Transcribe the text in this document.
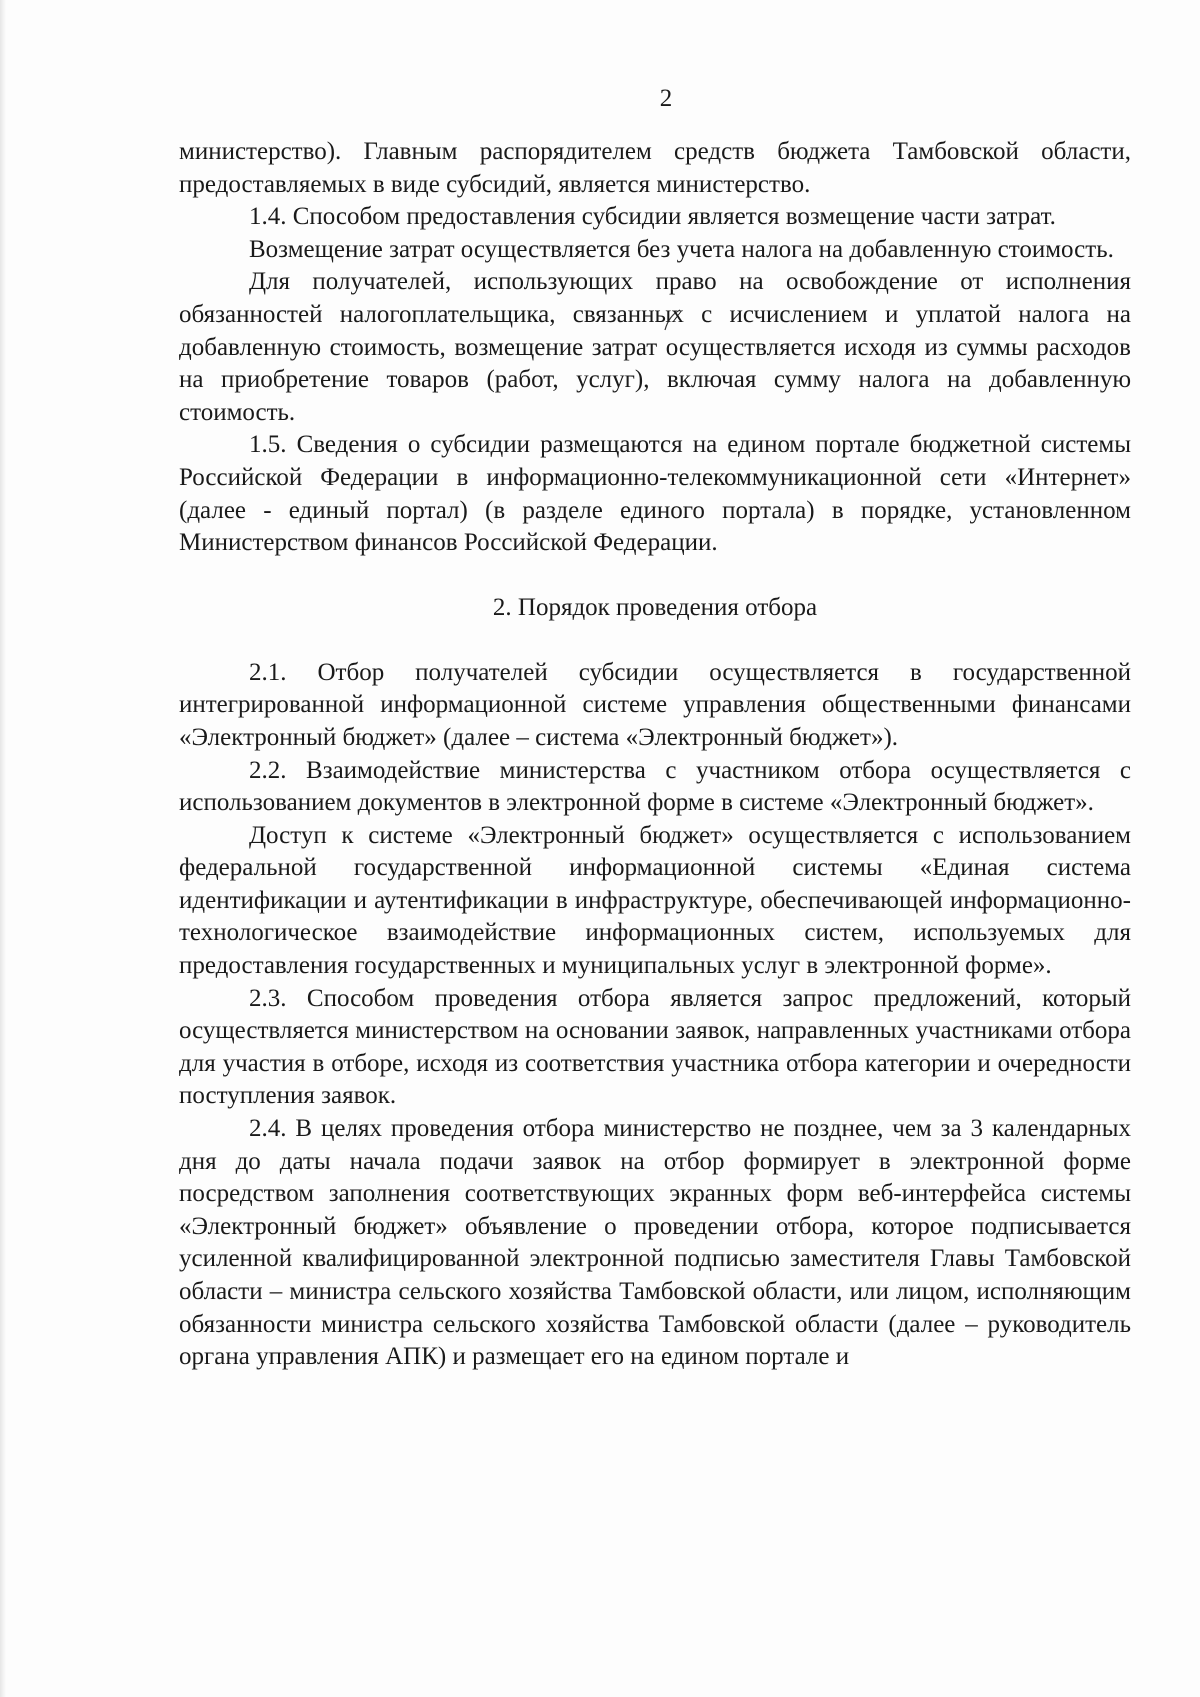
2

министерство). Главным распорядителем средств бюджета Тамбовской области, предоставляемых в виде субсидий, является министерство.

1.4. Способом предоставления субсидии является возмещение части затрат.

Возмещение затрат осуществляется без учета налога на добавленную стоимость.

Для получателей, использующих право на освобождение от исполнения обязанностей налогоплательщика, связанных с исчислением и уплатой налога на добавленную стоимость, возмещение затрат осуществляется исходя из суммы расходов на приобретение товаров (работ, услуг), включая сумму налога на добавленную стоимость.

1.5. Сведения о субсидии размещаются на едином портале бюджетной системы Российской Федерации в информационно-телекоммуникационной сети «Интернет» (далее - единый портал) (в разделе единого портала) в порядке, установленном Министерством финансов Российской Федерации.

2. Порядок проведения отбора

2.1. Отбор получателей субсидии осуществляется в государственной интегрированной информационной системе управления общественными финансами «Электронный бюджет» (далее – система «Электронный бюджет»).

2.2. Взаимодействие министерства с участником отбора осуществляется с использованием документов в электронной форме в системе «Электронный бюджет».

Доступ к системе «Электронный бюджет» осуществляется с использованием федеральной государственной информационной системы «Единая система идентификации и аутентификации в инфраструктуре, обеспечивающей информационно-технологическое взаимодействие информационных систем, используемых для предоставления государственных и муниципальных услуг в электронной форме».

2.3. Способом проведения отбора является запрос предложений, который осуществляется министерством на основании заявок, направленных участниками отбора для участия в отборе, исходя из соответствия участника отбора категории и очередности поступления заявок.

2.4. В целях проведения отбора министерство не позднее, чем за 3 календарных дня до даты начала подачи заявок на отбор формирует в электронной форме посредством заполнения соответствующих экранных форм веб-интерфейса системы «Электронный бюджет» объявление о проведении отбора, которое подписывается усиленной квалифицированной электронной подписью заместителя Главы Тамбовской области – министра сельского хозяйства Тамбовской области, или лицом, исполняющим обязанности министра сельского хозяйства Тамбовской области (далее – руководитель органа управления АПК) и размещает его на едином портале и
